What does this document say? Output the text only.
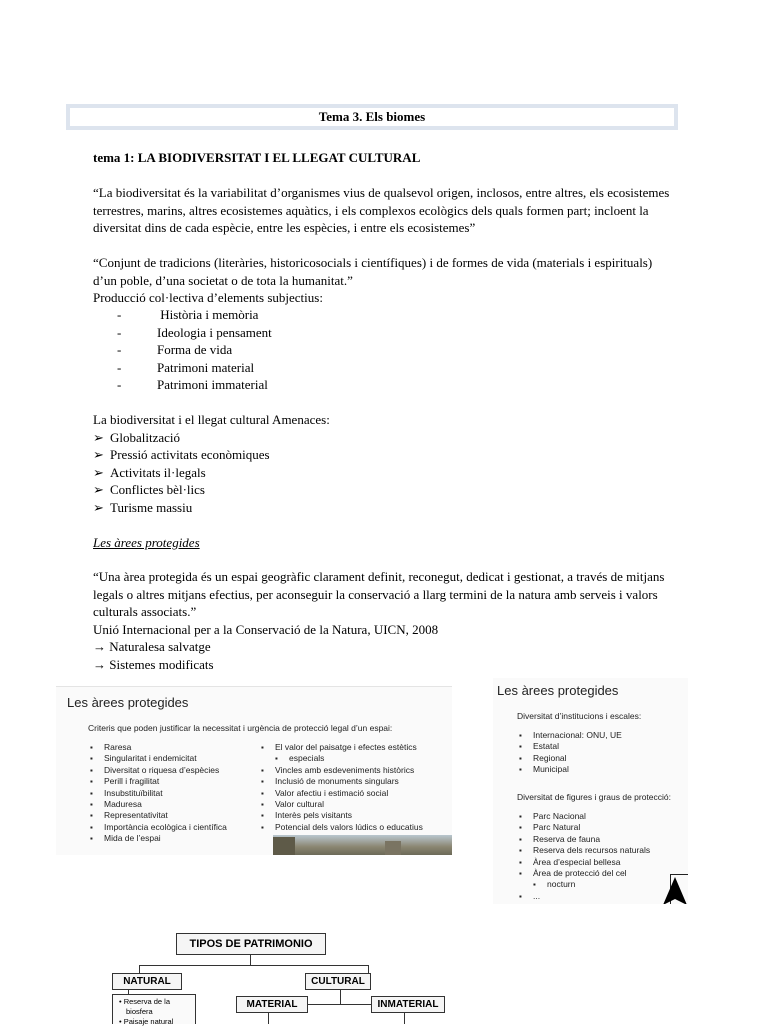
Tema 3. Els biomes
tema 1: LA BIODIVERSITAT I EL LLEGAT CULTURAL
“La biodiversitat és la variabilitat d’organismes vius de qualsevol origen, inclosos, entre altres, els ecosistemes
terrestres, marins, altres ecosistemes aquàtics, i els complexos ecològics dels quals formen part; incloent la
diversitat dins de cada espècie, entre les espècies, i entre els ecosistemes”
“Conjunt de tradicions (literàries, historicosocials i científiques) i de formes de vida (materials i espirituals)
d’un poble, d’una societat o de tota la humanitat.”
Producció col·lectiva d’elements subjectius:
-	Història i memòria
-	Ideologia i pensament
-	Forma de vida
-	Patrimoni material
-	Patrimoni immaterial
La biodiversitat i el llegat cultural Amenaces:
➢ Globalització
➢ Pressió activitats econòmiques
➢ Activitats il·legals
➢ Conflictes bèl·lics
➢ Turisme massiu
Les àrees protegides
“Una àrea protegida és un espai geogràfic clarament definit, reconegut, dedicat i gestionat, a través de mitjans
legals o altres mitjans efectius, per aconseguir la conservació a llarg termini de la natura amb serveis i valors
culturals associats.”
Unió Internacional per a la Conservació de la Natura, UICN, 2008
→ Naturalesa salvatge
→ Sistemes modificats
Les àrees protegides
Criteris que poden justificar la necessitat i urgència de protecció legal d’un espai:
▪ Raresa
▪ Singularitat i endemicitat
▪ Diversitat o riquesa d’espècies
▪ Perill i fragilitat
▪ Insubstituïbilitat
▪ Maduresa
▪ Representativitat
▪ Importància ecològica i científica
▪ Mida de l’espai
▪ El valor del paisatge i efectes estètics
▪ especials
▪ Vincles amb esdeveniments històrics
▪ Inclusió de monuments singulars
▪ Valor afectiu i estimació social
▪ Valor cultural
▪ Interès pels visitants
▪ Potencial dels valors lúdics o educatius
Les àrees protegides
Diversitat d’institucions i escales:
▪ Internacional: ONU, UE
▪ Estatal
▪ Regional
▪ Municipal
Diversitat de figures i graus de protecció:
▪ Parc Nacional
▪ Parc Natural
▪ Reserva de fauna
▪ Reserva dels recursos naturals
▪ Àrea d’especial bellesa
▪ Àrea de protecció del cel
▪ nocturn
▪ ...
TIPOS DE PATRIMONIO
NATURAL	CULTURAL
MATERIAL	INMATERIAL
• Reserva de la
biosfera
• Paisaje natural
